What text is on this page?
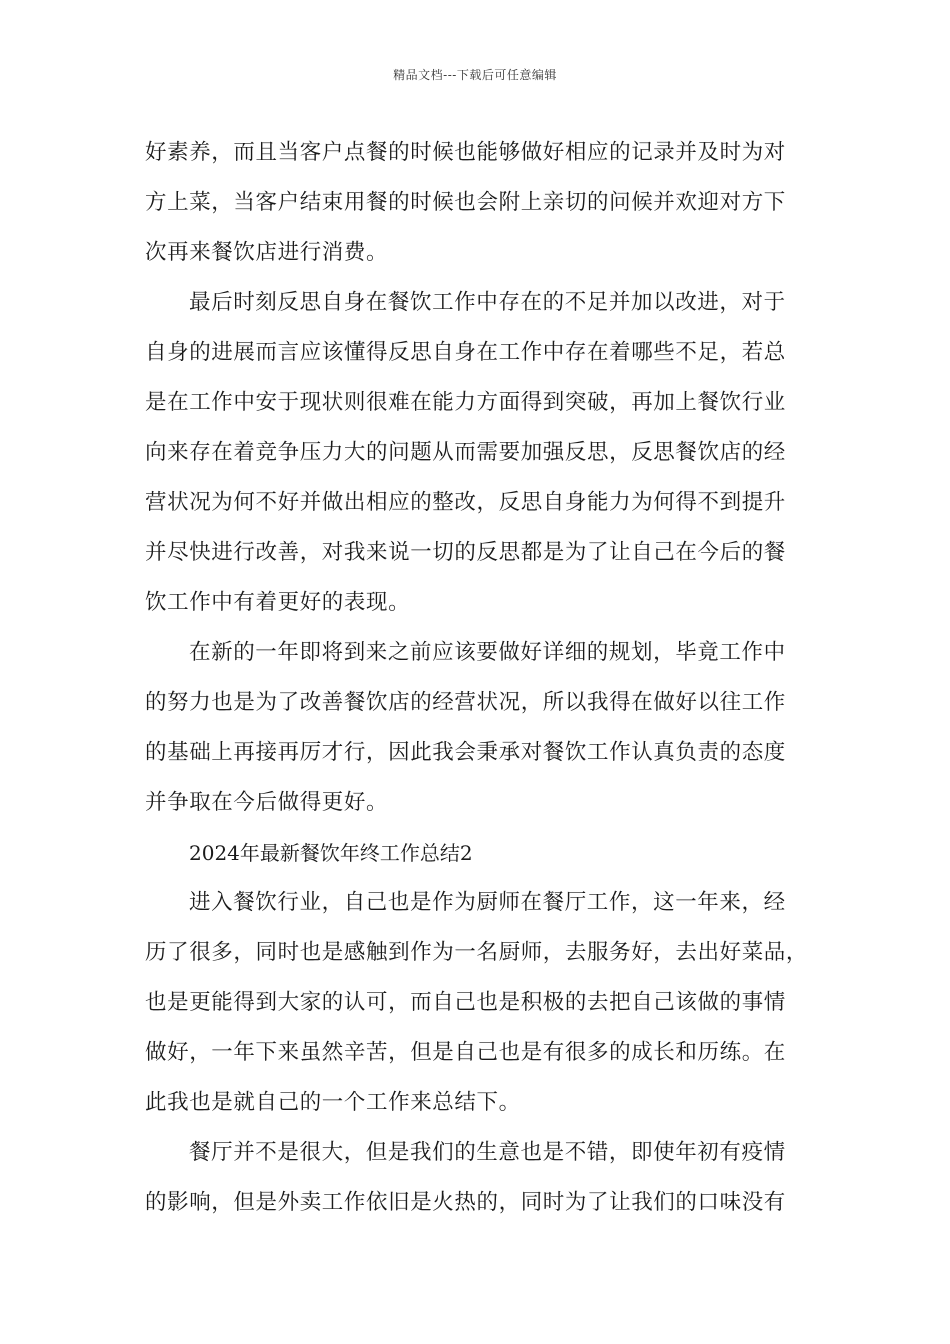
精品文档---下载后可任意编辑
好素养，而且当客户点餐的时候也能够做好相应的记录并及时为对
方上菜，当客户结束用餐的时候也会附上亲切的问候并欢迎对方下
次再来餐饮店进行消费。
最后时刻反思自身在餐饮工作中存在的不足并加以改进，对于
自身的进展而言应该懂得反思自身在工作中存在着哪些不足，若总
是在工作中安于现状则很难在能力方面得到突破，再加上餐饮行业
向来存在着竞争压力大的问题从而需要加强反思，反思餐饮店的经
营状况为何不好并做出相应的整改，反思自身能力为何得不到提升
并尽快进行改善，对我来说一切的反思都是为了让自己在今后的餐
饮工作中有着更好的表现。
在新的一年即将到来之前应该要做好详细的规划，毕竟工作中
的努力也是为了改善餐饮店的经营状况，所以我得在做好以往工作
的基础上再接再厉才行，因此我会秉承对餐饮工作认真负责的态度
并争取在今后做得更好。
2024年最新餐饮年终工作总结2
进入餐饮行业，自己也是作为厨师在餐厅工作，这一年来，经
历了很多，同时也是感触到作为一名厨师，去服务好，去出好菜品，
也是更能得到大家的认可，而自己也是积极的去把自己该做的事情
做好，一年下来虽然辛苦，但是自己也是有很多的成长和历练。在
此我也是就自己的一个工作来总结下。
餐厅并不是很大，但是我们的生意也是不错，即使年初有疫情
的影响，但是外卖工作依旧是火热的，同时为了让我们的口味没有
